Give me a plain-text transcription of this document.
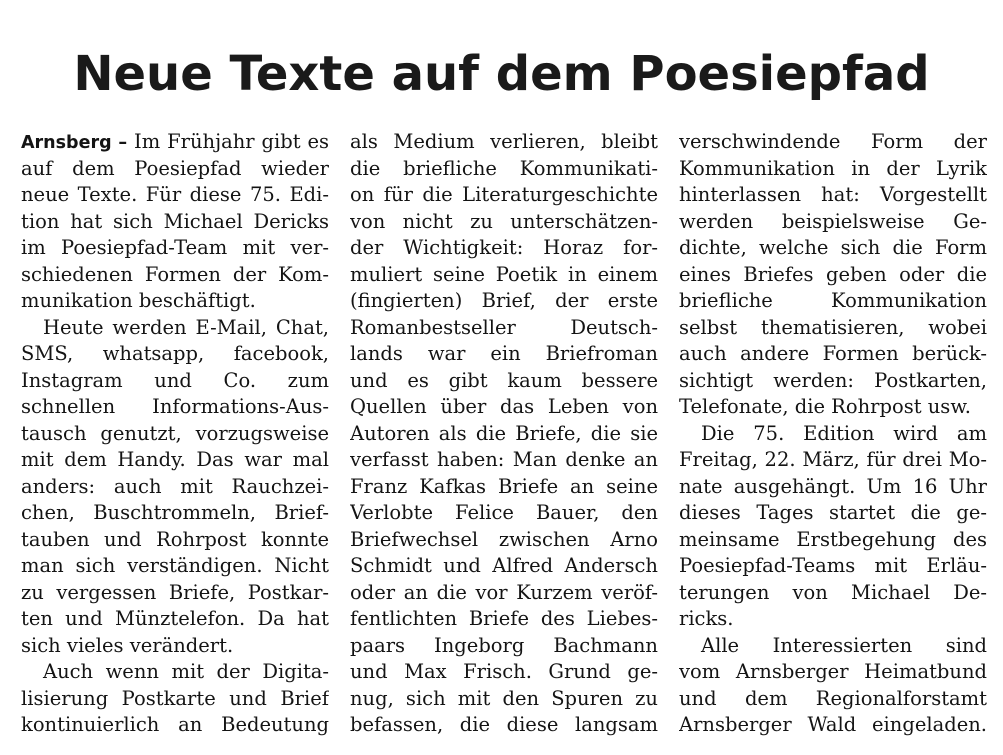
Neue Texte auf dem Poesiepfad
Arnsberg – Im Frühjahr gibt es
auf dem Poesiepfad wieder
neue Texte. Für diese 75. Edi-
tion hat sich Michael Dericks
im Poesiepfad-Team mit ver-
schiedenen Formen der Kom-
munikation beschäftigt.
Heute werden E-Mail, Chat,
SMS, whatsapp, facebook,
Instagram und Co. zum
schnellen Informations-Aus-
tausch genutzt, vorzugsweise
mit dem Handy. Das war mal
anders: auch mit Rauchzei-
chen, Buschtrommeln, Brief-
tauben und Rohrpost konnte
man sich verständigen. Nicht
zu vergessen Briefe, Postkar-
ten und Münztelefon. Da hat
sich vieles verändert.
Auch wenn mit der Digita-
lisierung Postkarte und Brief
kontinuierlich an Bedeutung
als Medium verlieren, bleibt
die briefliche Kommunikati-
on für die Literaturgeschichte
von nicht zu unterschätzen-
der Wichtigkeit: Horaz for-
muliert seine Poetik in einem
(fingierten) Brief, der erste
Romanbestseller Deutsch-
lands war ein Briefroman
und es gibt kaum bessere
Quellen über das Leben von
Autoren als die Briefe, die sie
verfasst haben: Man denke an
Franz Kafkas Briefe an seine
Verlobte Felice Bauer, den
Briefwechsel zwischen Arno
Schmidt und Alfred Andersch
oder an die vor Kurzem veröf-
fentlichten Briefe des Liebes-
paars Ingeborg Bachmann
und Max Frisch. Grund ge-
nug, sich mit den Spuren zu
befassen, die diese langsam
verschwindende Form der
Kommunikation in der Lyrik
hinterlassen hat: Vorgestellt
werden beispielsweise Ge-
dichte, welche sich die Form
eines Briefes geben oder die
briefliche Kommunikation
selbst thematisieren, wobei
auch andere Formen berück-
sichtigt werden: Postkarten,
Telefonate, die Rohrpost usw.
Die 75. Edition wird am
Freitag, 22. März, für drei Mo-
nate ausgehängt. Um 16 Uhr
dieses Tages startet die ge-
meinsame Erstbegehung des
Poesiepfad-Teams mit Erläu-
terungen von Michael De-
ricks.
Alle Interessierten sind
vom Arnsberger Heimatbund
und dem Regionalforstamt
Arnsberger Wald eingeladen.
